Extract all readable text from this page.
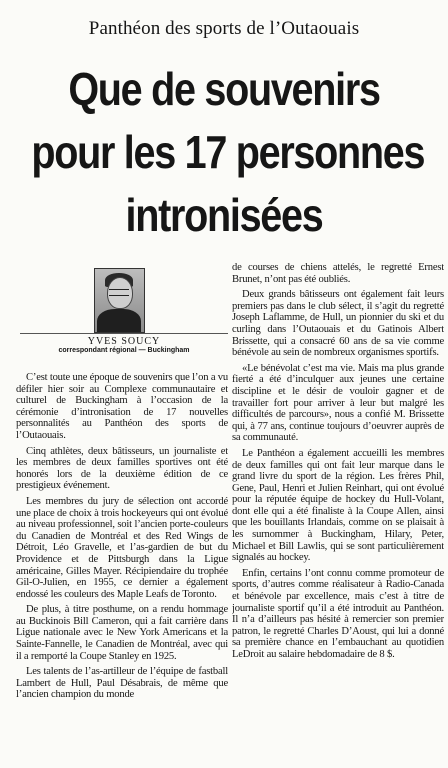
Panthéon des sports de l’Outaouais
Que de souvenirs
pour les 17 personnes
intronisées
YVES SOUCY
correspondant régional — Buckingham

C’est toute une époque de souvenirs que l’on a vu défiler hier soir au Complexe communautaire et culturel de Buckingham à l’occasion de la cérémonie d’intronisation de 17 nouvelles personnalités au Panthéon des sports de l’Outaouais.

Cinq athlètes, deux bâtisseurs, un journaliste et les membres de deux familles sportives ont été honorés lors de la deuxième édition de ce prestigieux événement.

Les membres du jury de sélection ont accordé une place de choix à trois hockeyeurs qui ont évolué au niveau professionnel, soit l’ancien porte-couleurs du Canadien de Montréal et des Red Wings de Détroit, Léo Gravelle, et l’as-gardien de but du Providence et de Pittsburgh dans la Ligue américaine, Gilles Mayer. Récipiendaire du trophée Gil-O-Julien, en 1955, ce dernier a également endossé les couleurs des Maple Leafs de Toronto.

De plus, à titre posthume, on a rendu hommage au Buckinois Bill Cameron, qui a fait carrière dans Ligue nationale avec le New York Americans et la Sainte-Fannelle, le Canadien de Montréal, avec qui il a remporté la Coupe Stanley en 1925.

Les talents de l’as-artilleur de l’équipe de fastball Lambert de Hull, Paul Désabrais, de même que l’ancien champion du monde

de courses de chiens attelés, le regretté Ernest Brunet, n’ont pas été oubliés.

Deux grands bâtisseurs ont également fait leurs premiers pas dans le club sélect, il s’agit du regretté Joseph Laflamme, de Hull, un pionnier du ski et du curling dans l’Outaouais et du Gatinois Albert Brissette, qui a consacré 60 ans de sa vie comme bénévole au sein de nombreux organismes sportifs.

«Le bénévolat c’est ma vie. Mais ma plus grande fierté a été d’inculquer aux jeunes une certaine discipline et le désir de vouloir gagner et de travailler fort pour arriver à leur but malgré les difficultés de parcours», nous a confié M. Brissette qui, à 77 ans, continue toujours d’oeuvrer auprès de sa communauté.

Le Panthéon a également accueilli les membres de deux familles qui ont fait leur marque dans le grand livre du sport de la région. Les frères Phil, Gene, Paul, Henri et Julien Reinhart, qui ont évolué pour la réputée équipe de hockey du Hull-Volant, dont elle qui a été finaliste à la Coupe Allen, ainsi que les bouillants Irlandais, comme on se plaisait à les surnommer à Buckingham, Hilary, Peter, Michael et Bill Lawlis, qui se sont particulièrement signalés au hockey.

Enfin, certains l’ont connu comme promoteur de sports, d’autres comme réalisateur à Radio-Canada et bénévole par excellence, mais c’est à titre de journaliste sportif qu’il a été introduit au Panthéon. Il n’a d’ailleurs pas hésité à remercier son premier patron, le regretté Charles D’Aoust, qui lui a donné sa première chance en l’embauchant au quotidien LeDroit au salaire hebdomadaire de 8 $.
